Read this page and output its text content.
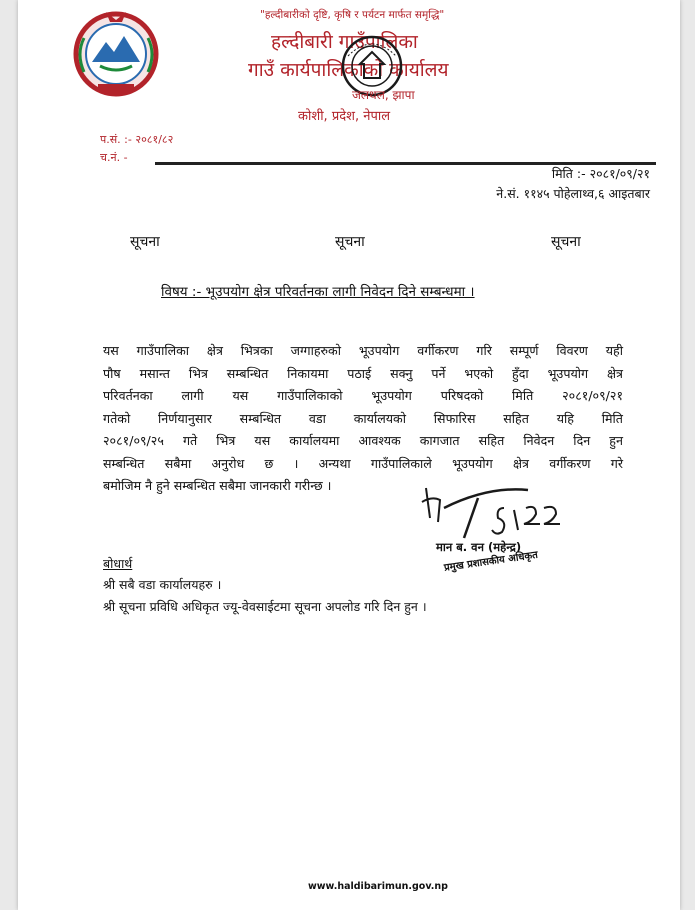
"हल्दीबारीको दृष्टि, कृषि र पर्यटन मार्फत समृद्धि"
हल्दीबारी गाउँपालिका
गाउँ कार्यपालिकाको कार्यालय
जलथल, झापा
कोशी, प्रदेश, नेपाल
प.सं. :- २०८१/८२
च.नं. -
मिति :- २०८१/०९/२१
ने.सं. ११४५ पोहेलाथ्व,६ आइतबार
सूचना	सूचना	सूचना
विषय :- भूउपयोग क्षेत्र परिवर्तनका लागी निवेदन दिने सम्बन्धमा ।
यस गाउँपालिका क्षेत्र भित्रका जग्गाहरुको भूउपयोग वर्गीकरण गरि सम्पूर्ण विवरण यही
पौष मसान्त भित्र सम्बन्धित निकायमा पठाई सक्नु पर्ने भएको हुँदा भूउपयोग क्षेत्र
परिवर्तनका लागी यस गाउँपालिकाको भूउपयोग परिषदको मिति २०८१/०९/२१
गतेको निर्णयानुसार सम्बन्धित वडा कार्यालयको सिफारिस सहित यहि मिति
२०८१/०९/२५ गते भित्र यस कार्यालयमा आवश्यक कागजात सहित निवेदन दिन हुन
सम्बन्धित सबैमा अनुरोध छ । अन्यथा गाउँपालिकाले भूउपयोग क्षेत्र वर्गीकरण गरे
बमोजिम नै हुने सम्बन्धित सबैमा जानकारी गरीन्छ ।
मान ब. वन (महेन्द्र)
प्रमुख प्रशासकीय अधिकृत
बोधार्थ
श्री सबै वडा कार्यालयहरु ।
श्री सूचना प्रविधि अधिकृत ज्यू-वेवसाईटमा सूचना अपलोड गरि दिन हुन ।
www.haldibarimun.gov.np
